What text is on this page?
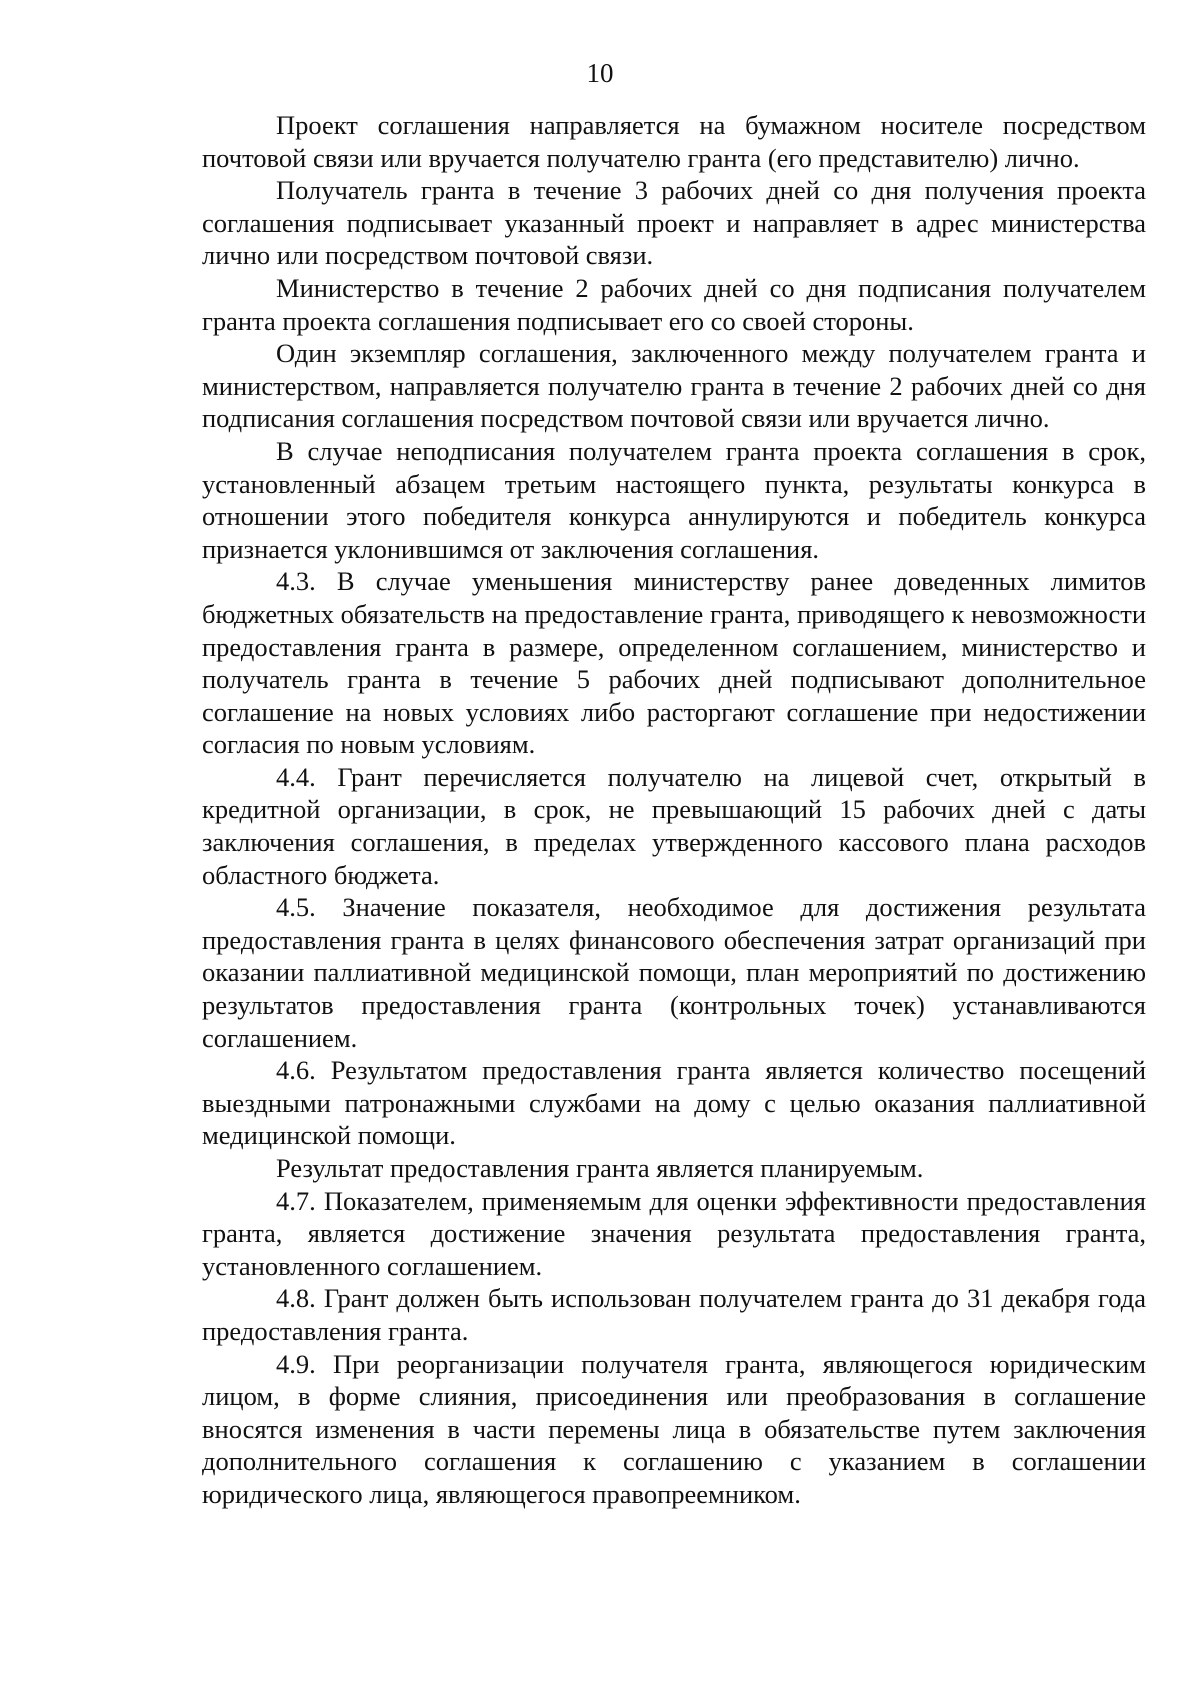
10

Проект соглашения направляется на бумажном носителе посредством почтовой связи или вручается получателю гранта (его представителю) лично.

Получатель гранта в течение 3 рабочих дней со дня получения проекта соглашения подписывает указанный проект и направляет в адрес министерства лично или посредством почтовой связи.

Министерство в течение 2 рабочих дней со дня подписания получателем гранта проекта соглашения подписывает его со своей стороны.

Один экземпляр соглашения, заключенного между получателем гранта и министерством, направляется получателю гранта в течение 2 рабочих дней со дня подписания соглашения посредством почтовой связи или вручается лично.

В случае неподписания получателем гранта проекта соглашения в срок, установленный абзацем третьим настоящего пункта, результаты конкурса в отношении этого победителя конкурса аннулируются и победитель конкурса признается уклонившимся от заключения соглашения.

4.3. В случае уменьшения министерству ранее доведенных лимитов бюджетных обязательств на предоставление гранта, приводящего к невозможности предоставления гранта в размере, определенном соглашением, министерство и получатель гранта в течение 5 рабочих дней подписывают дополнительное соглашение на новых условиях либо расторгают соглашение при недостижении согласия по новым условиям.

4.4. Грант перечисляется получателю на лицевой счет, открытый в кредитной организации, в срок, не превышающий 15 рабочих дней с даты заключения соглашения, в пределах утвержденного кассового плана расходов областного бюджета.

4.5. Значение показателя, необходимое для достижения результата предоставления гранта в целях финансового обеспечения затрат организаций при оказании паллиативной медицинской помощи, план мероприятий по достижению результатов предоставления гранта (контрольных точек) устанавливаются соглашением.

4.6. Результатом предоставления гранта является количество посещений выездными патронажными службами на дому с целью оказания паллиативной медицинской помощи.

Результат предоставления гранта является планируемым.

4.7. Показателем, применяемым для оценки эффективности предоставления гранта, является достижение значения результата предоставления гранта, установленного соглашением.

4.8. Грант должен быть использован получателем гранта до 31 декабря года предоставления гранта.

4.9. При реорганизации получателя гранта, являющегося юридическим лицом, в форме слияния, присоединения или преобразования в соглашение вносятся изменения в части перемены лица в обязательстве путем заключения дополнительного соглашения к соглашению с указанием в соглашении юридического лица, являющегося правопреемником.
